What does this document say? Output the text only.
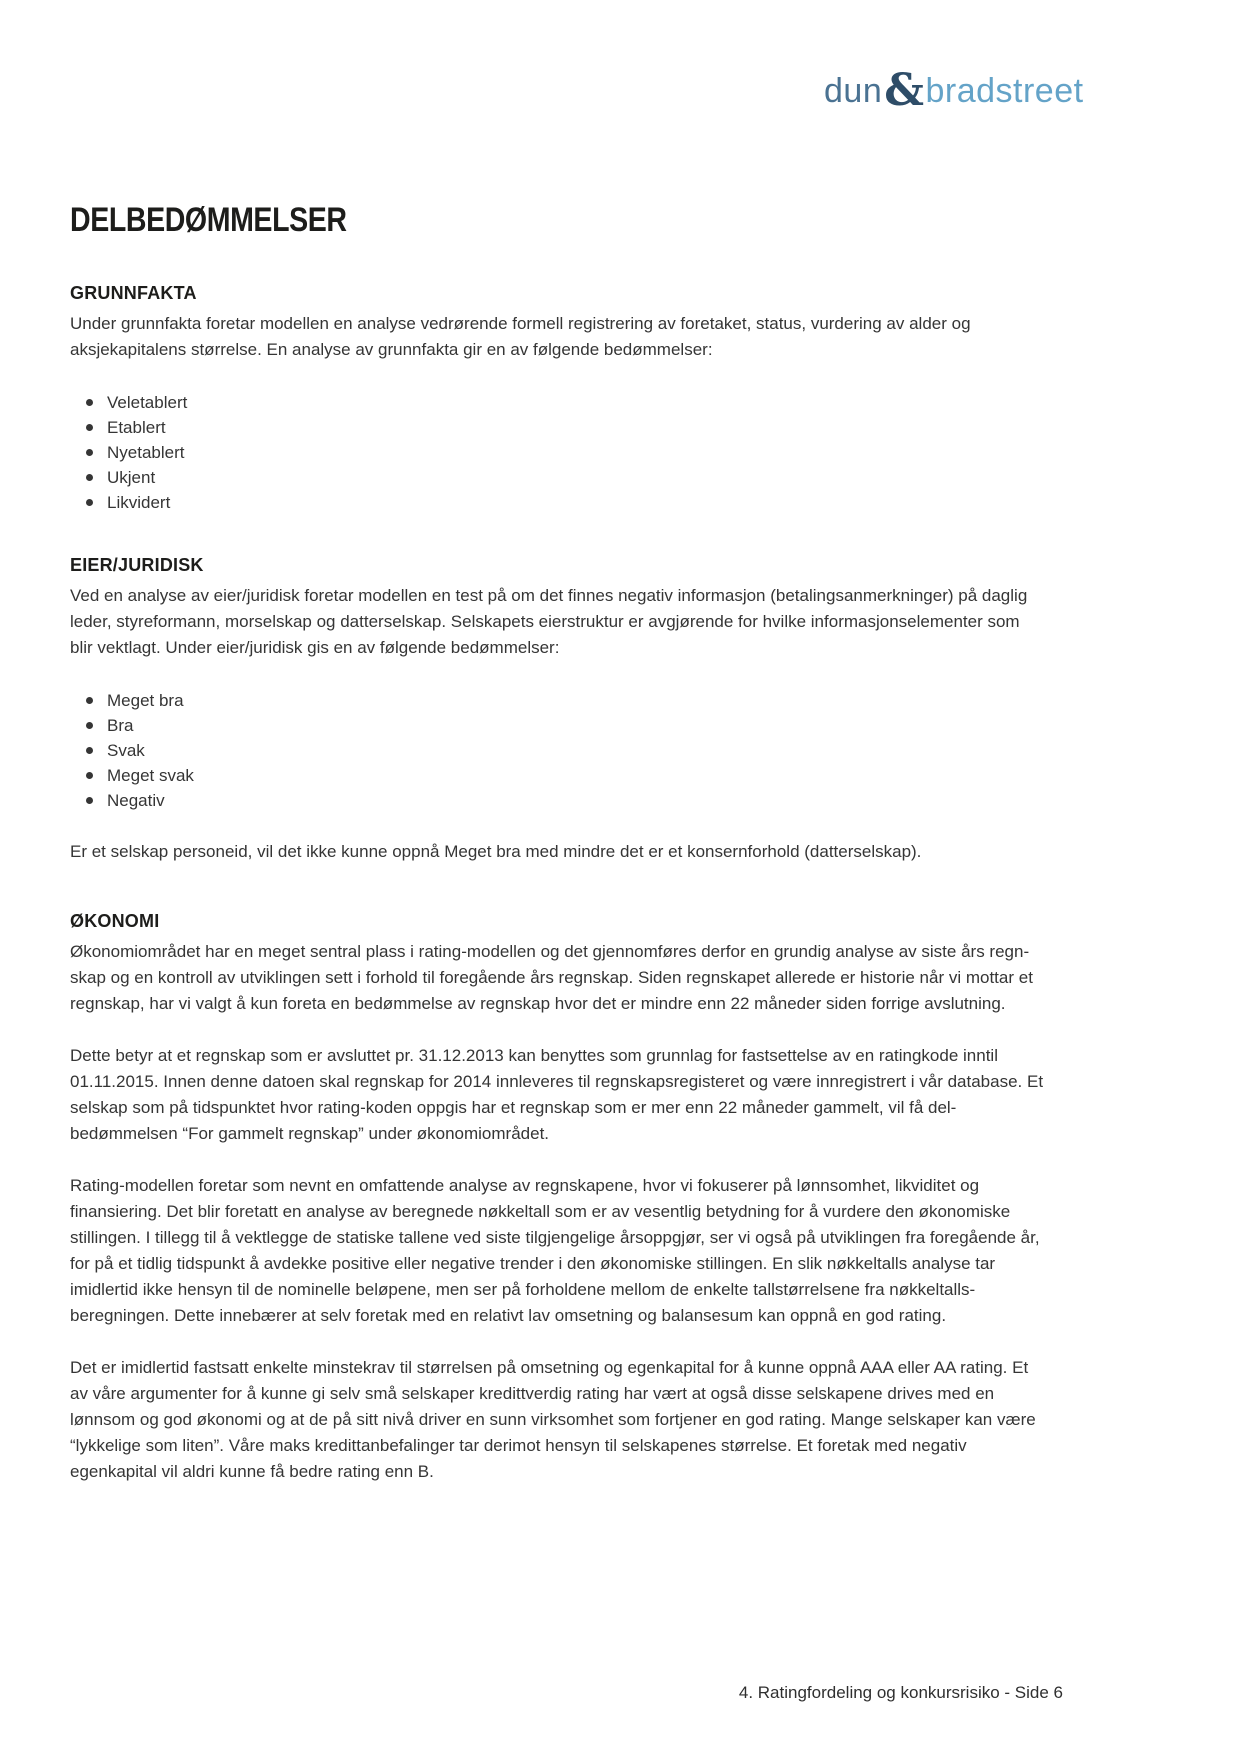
dun&bradstreet
DELBEDØMMELSER
GRUNNFAKTA

Under grunnfakta foretar modellen en analyse vedrørende formell registrering av foretaket, status, vurdering av alder og aksjekapitalens størrelse. En analyse av grunnfakta gir en av følgende bedømmelser:

Veletablert
Etablert
Nyetablert
Ukjent
Likvidert
EIER/JURIDISK

Ved en analyse av eier/juridisk foretar modellen en test på om det finnes negativ informasjon (betalingsanmerkninger) på daglig leder, styreformann, morselskap og datterselskap. Selskapets eierstruktur er avgjørende for hvilke informasjonselementer som blir vektlagt. Under eier/juridisk gis en av følgende bedømmelser:

Meget bra
Bra
Svak
Meget svak
Negativ

Er et selskap personeid, vil det ikke kunne oppnå Meget bra med mindre det er et konsernforhold (datterselskap).

ØKONOMI

Økonomiområdet har en meget sentral plass i rating-modellen og det gjennomføres derfor en grundig analyse av siste års regn- skap og en kontroll av utviklingen sett i forhold til foregående års regnskap. Siden regnskapet allerede er historie når vi mottar et regnskap, har vi valgt å kun foreta en bedømmelse av regnskap hvor det er mindre enn 22 måneder siden forrige avslutning.

Dette betyr at et regnskap som er avsluttet pr. 31.12.2013 kan benyttes som grunnlag for fastsettelse av en ratingkode inntil 01.11.2015. Innen denne datoen skal regnskap for 2014 innleveres til regnskapsregisteret og være innregistrert i vår database. Et selskap som på tidspunktet hvor rating-koden oppgis har et regnskap som er mer enn 22 måneder gammelt, vil få del- bedømmelsen “For gammelt regnskap” under økonomiområdet.

Rating-modellen foretar som nevnt en omfattende analyse av regnskapene, hvor vi fokuserer på lønnsomhet, likviditet og finansiering. Det blir foretatt en analyse av beregnede nøkkeltall som er av vesentlig betydning for å vurdere den økonomiske stillingen. I tillegg til å vektlegge de statiske tallene ved siste tilgjengelige årsoppgjør, ser vi også på utviklingen fra foregående år, for på et tidlig tidspunkt å avdekke positive eller negative trender i den økonomiske stillingen. En slik nøkkeltalls analyse tar imidlertid ikke hensyn til de nominelle beløpene, men ser på forholdene mellom de enkelte tallstørrelsene fra nøkkeltalls- beregningen. Dette innebærer at selv foretak med en relativt lav omsetning og balansesum kan oppnå en god rating.

Det er imidlertid fastsatt enkelte minstekrav til størrelsen på omsetning og egenkapital for å kunne oppnå AAA eller AA rating. Et av våre argumenter for å kunne gi selv små selskaper kredittverdig rating har vært at også disse selskapene drives med en lønnsom og god økonomi og at de på sitt nivå driver en sunn virksomhet som fortjener en god rating. Mange selskaper kan være “lykkelige som liten”. Våre maks kredittanbefalinger tar derimot hensyn til selskapenes størrelse. Et foretak med negativ egenkapital vil aldri kunne få bedre rating enn B.

4. Ratingfordeling og konkursrisiko - Side 6
